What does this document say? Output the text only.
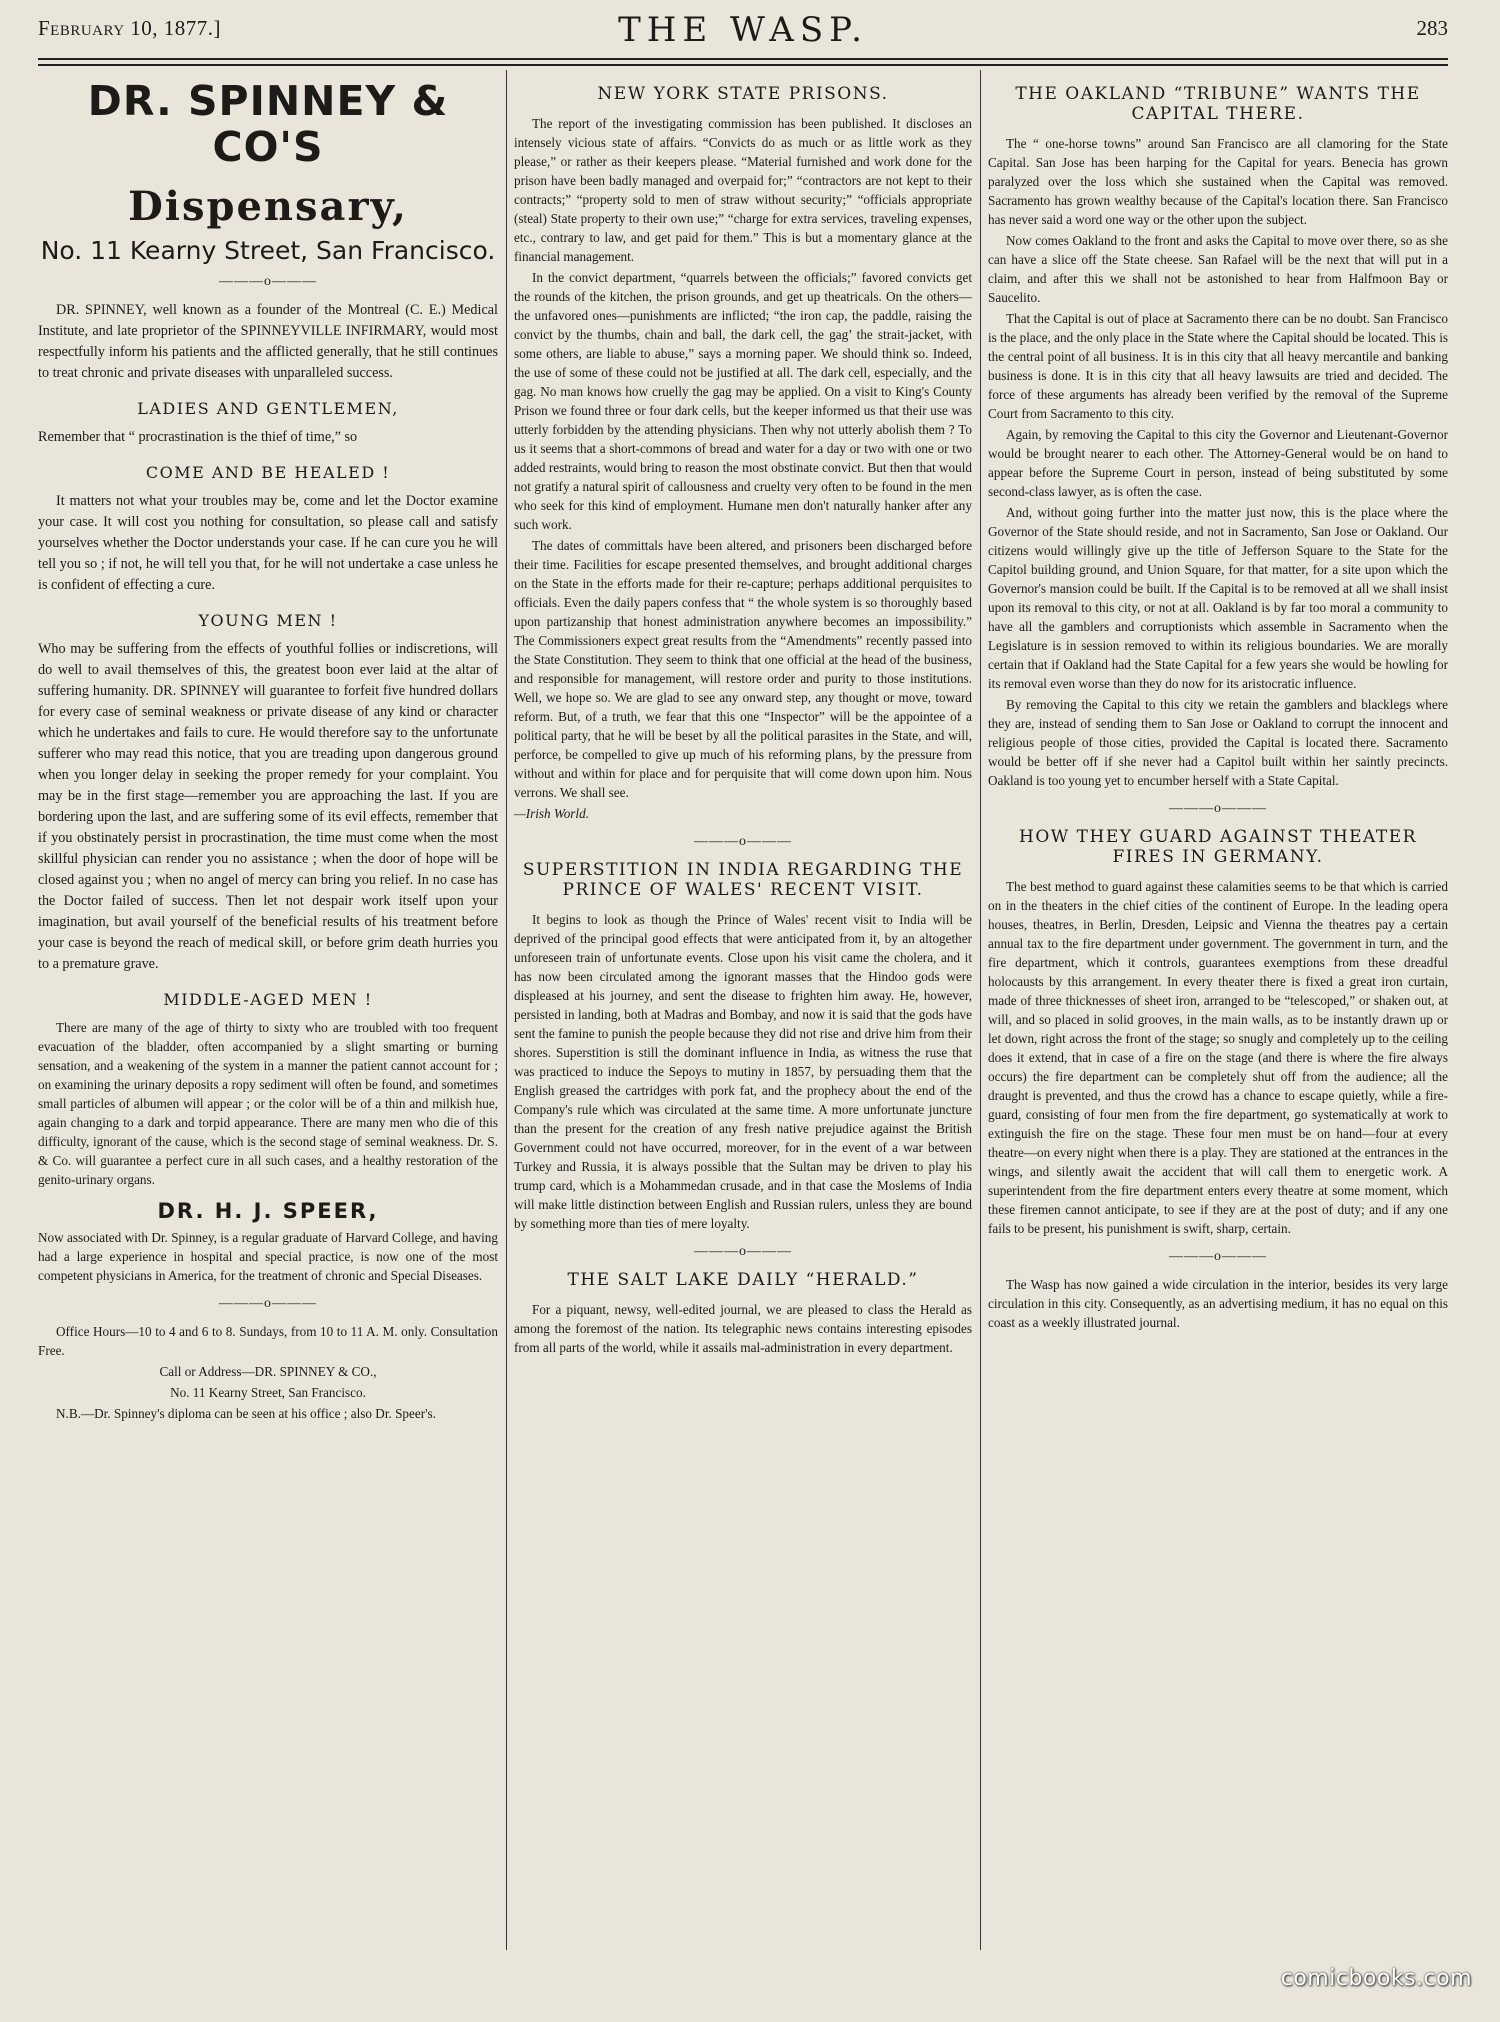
February 10, 1877.]	THE WASP.	283
DR. SPINNEY & CO'S
Dispensary,
No. 11 Kearny Street, San Francisco.
———o———

DR. SPINNEY, well known as a founder of the Montreal (C. E.) Medical Institute, and late proprietor of the SPINNEYVILLE INFIRMARY, would most respectfully inform his patients and the afflicted generally, that he still continues to treat chronic and private diseases with unparalleled success.

LADIES AND GENTLEMEN,

Remember that “ procrastination is the thief of time,” so

COME AND BE HEALED !

It matters not what your troubles may be, come and let the Doctor examine your case. It will cost you nothing for consultation, so please call and satisfy yourselves whether the Doctor understands your case. If he can cure you he will tell you so ; if not, he will tell you that, for he will not undertake a case unless he is confident of effecting a cure.

YOUNG MEN !

Who may be suffering from the effects of youthful follies or indiscretions, will do well to avail themselves of this, the greatest boon ever laid at the altar of suffering humanity. DR. SPINNEY will guarantee to forfeit five hundred dollars for every case of seminal weakness or private disease of any kind or character which he undertakes and fails to cure. He would therefore say to the unfortunate sufferer who may read this notice, that you are treading upon dangerous ground when you longer delay in seeking the proper remedy for your complaint. You may be in the first stage—remember you are approaching the last. If you are bordering upon the last, and are suffering some of its evil effects, remember that if you obstinately persist in procrastination, the time must come when the most skillful physician can render you no assistance ; when the door of hope will be closed against you ; when no angel of mercy can bring you relief. In no case has the Doctor failed of success. Then let not despair work itself upon your imagination, but avail yourself of the beneficial results of his treatment before your case is beyond the reach of medical skill, or before grim death hurries you to a premature grave.

MIDDLE-AGED MEN !

There are many of the age of thirty to sixty who are troubled with too frequent evacuation of the bladder, often accompanied by a slight smarting or burning sensation, and a weakening of the system in a manner the patient cannot account for ; on examining the urinary deposits a ropy sediment will often be found, and sometimes small particles of albumen will appear ; or the color will be of a thin and milkish hue, again changing to a dark and torpid appearance. There are many men who die of this difficulty, ignorant of the cause, which is the second stage of seminal weakness. Dr. S. & Co. will guarantee a perfect cure in all such cases, and a healthy restoration of the genito-urinary organs.

DR. H. J. SPEER,

Now associated with Dr. Spinney, is a regular graduate of Harvard College, and having had a large experience in hospital and special practice, is now one of the most competent physicians in America, for the treatment of chronic and Special Diseases.

———o———

Office Hours—10 to 4 and 6 to 8. Sundays, from 10 to 11 A. M. only. Consultation Free.

Call or Address—DR. SPINNEY & CO.,

No. 11 Kearny Street, San Francisco.

N.B.—Dr. Spinney's diploma can be seen at his office ; also Dr. Speer's.

NEW YORK STATE PRISONS.

The report of the investigating commission has been published. It discloses an intensely vicious state of affairs. “Convicts do as much or as little work as they please,” or rather as their keepers please. “Material furnished and work done for the prison have been badly managed and overpaid for;” “contractors are not kept to their contracts;” “property sold to men of straw without security;” “officials appropriate (steal) State property to their own use;” “charge for extra services, traveling expenses, etc., contrary to law, and get paid for them.” This is but a momentary glance at the financial management.

In the convict department, “quarrels between the officials;” favored convicts get the rounds of the kitchen, the prison grounds, and get up theatricals. On the others—the unfavored ones—punishments are inflicted; “the iron cap, the paddle, raising the convict by the thumbs, chain and ball, the dark cell, the gag’ the strait-jacket, with some others, are liable to abuse,” says a morning paper. We should think so. Indeed, the use of some of these could not be justified at all. The dark cell, especially, and the gag. No man knows how cruelly the gag may be applied. On a visit to King's County Prison we found three or four dark cells, but the keeper informed us that their use was utterly forbidden by the attending physicians. Then why not utterly abolish them ? To us it seems that a short-commons of bread and water for a day or two with one or two added restraints, would bring to reason the most obstinate convict. But then that would not gratify a natural spirit of callousness and cruelty very often to be found in the men who seek for this kind of employment. Humane men don't naturally hanker after any such work.

The dates of committals have been altered, and prisoners been discharged before their time. Facilities for escape presented themselves, and brought additional charges on the State in the efforts made for their re-capture; perhaps additional perquisites to officials. Even the daily papers confess that “ the whole system is so thoroughly based upon partizanship that honest administration anywhere becomes an impossibility.” The Commissioners expect great results from the “Amendments” recently passed into the State Constitution. They seem to think that one official at the head of the business, and responsible for management, will restore order and purity to those institutions. Well, we hope so. We are glad to see any onward step, any thought or move, toward reform. But, of a truth, we fear that this one “Inspector” will be the appointee of a political party, that he will be beset by all the political parasites in the State, and will, perforce, be compelled to give up much of his reforming plans, by the pressure from without and within for place and for perquisite that will come down upon him. Nous verrons. We shall see.

—Irish World.

———o———
SUPERSTITION IN INDIA REGARDING THE PRINCE OF WALES' RECENT VISIT.

It begins to look as though the Prince of Wales' recent visit to India will be deprived of the principal good effects that were anticipated from it, by an altogether unforeseen train of unfortunate events. Close upon his visit came the cholera, and it has now been circulated among the ignorant masses that the Hindoo gods were displeased at his journey, and sent the disease to frighten him away. He, however, persisted in landing, both at Madras and Bombay, and now it is said that the gods have sent the famine to punish the people because they did not rise and drive him from their shores. Superstition is still the dominant influence in India, as witness the ruse that was practiced to induce the Sepoys to mutiny in 1857, by persuading them that the English greased the cartridges with pork fat, and the prophecy about the end of the Company's rule which was circulated at the same time. A more unfortunate juncture than the present for the creation of any fresh native prejudice against the British Government could not have occurred, moreover, for in the event of a war between Turkey and Russia, it is always possible that the Sultan may be driven to play his trump card, which is a Mohammedan crusade, and in that case the Moslems of India will make little distinction between English and Russian rulers, unless they are bound by something more than ties of mere loyalty.

———o———
THE SALT LAKE DAILY “HERALD.”

For a piquant, newsy, well-edited journal, we are pleased to class the Herald as among the foremost of the nation. Its telegraphic news contains interesting episodes from all parts of the world, while it assails mal-administration in every department.

THE OAKLAND “TRIBUNE” WANTS THE CAPITAL THERE.

The “ one-horse towns” around San Francisco are all clamoring for the State Capital. San Jose has been harping for the Capital for years. Benecia has grown paralyzed over the loss which she sustained when the Capital was removed. Sacramento has grown wealthy because of the Capital's location there. San Francisco has never said a word one way or the other upon the subject.

Now comes Oakland to the front and asks the Capital to move over there, so as she can have a slice off the State cheese. San Rafael will be the next that will put in a claim, and after this we shall not be astonished to hear from Halfmoon Bay or Saucelito.

That the Capital is out of place at Sacramento there can be no doubt. San Francisco is the place, and the only place in the State where the Capital should be located. This is the central point of all business. It is in this city that all heavy mercantile and banking business is done. It is in this city that all heavy lawsuits are tried and decided. The force of these arguments has already been verified by the removal of the Supreme Court from Sacramento to this city.

Again, by removing the Capital to this city the Governor and Lieutenant-Governor would be brought nearer to each other. The Attorney-General would be on hand to appear before the Supreme Court in person, instead of being substituted by some second-class lawyer, as is often the case.

And, without going further into the matter just now, this is the place where the Governor of the State should reside, and not in Sacramento, San Jose or Oakland. Our citizens would willingly give up the title of Jefferson Square to the State for the Capitol building ground, and Union Square, for that matter, for a site upon which the Governor's mansion could be built. If the Capital is to be removed at all we shall insist upon its removal to this city, or not at all. Oakland is by far too moral a community to have all the gamblers and corruptionists which assemble in Sacramento when the Legislature is in session removed to within its religious boundaries. We are morally certain that if Oakland had the State Capital for a few years she would be howling for its removal even worse than they do now for its aristocratic influence.

By removing the Capital to this city we retain the gamblers and blacklegs where they are, instead of sending them to San Jose or Oakland to corrupt the innocent and religious people of those cities, provided the Capital is located there. Sacramento would be better off if she never had a Capitol built within her saintly precincts. Oakland is too young yet to encumber herself with a State Capital.

———o———
HOW THEY GUARD AGAINST THEATER FIRES IN GERMANY.

The best method to guard against these calamities seems to be that which is carried on in the theaters in the chief cities of the continent of Europe. In the leading opera houses, theatres, in Berlin, Dresden, Leipsic and Vienna the theatres pay a certain annual tax to the fire department under government. The government in turn, and the fire department, which it controls, guarantees exemptions from these dreadful holocausts by this arrangement. In every theater there is fixed a great iron curtain, made of three thicknesses of sheet iron, arranged to be “telescoped,” or shaken out, at will, and so placed in solid grooves, in the main walls, as to be instantly drawn up or let down, right across the front of the stage; so snugly and completely up to the ceiling does it extend, that in case of a fire on the stage (and there is where the fire always occurs) the fire department can be completely shut off from the audience; all the draught is prevented, and thus the crowd has a chance to escape quietly, while a fire-guard, consisting of four men from the fire department, go systematically at work to extinguish the fire on the stage. These four men must be on hand—four at every theatre—on every night when there is a play. They are stationed at the entrances in the wings, and silently await the accident that will call them to energetic work. A superintendent from the fire department enters every theatre at some moment, which these firemen cannot anticipate, to see if they are at the post of duty; and if any one fails to be present, his punishment is swift, sharp, certain.

———o———

The Wasp has now gained a wide circulation in the interior, besides its very large circulation in this city. Consequently, as an advertising medium, it has no equal on this coast as a weekly illustrated journal.

comicbooks.com
